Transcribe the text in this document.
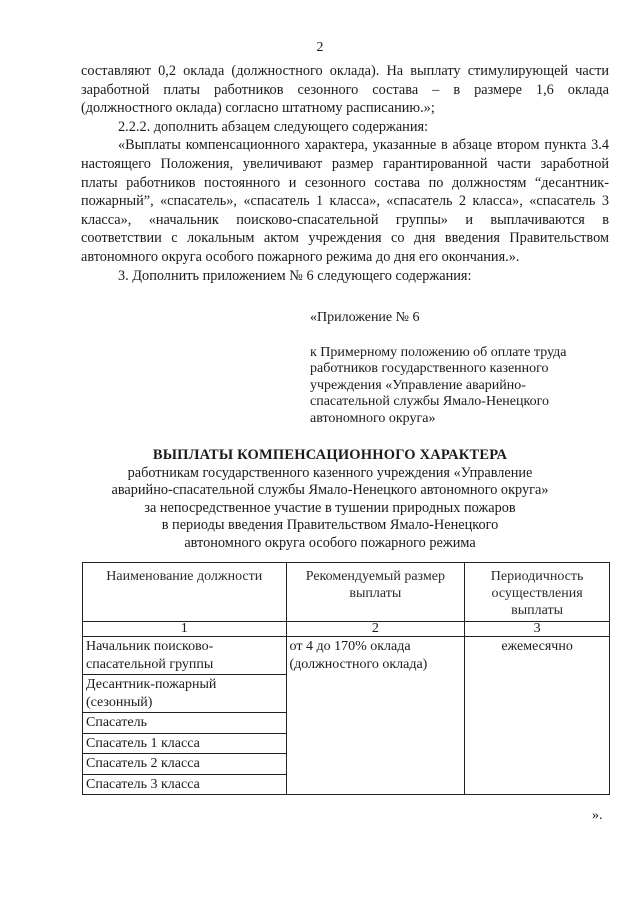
2

составляют 0,2 оклада (должностного оклада). На выплату стимулирующей части заработной платы работников сезонного состава – в размере 1,6 оклада (должностного оклада) согласно штатному расписанию.»;

2.2.2. дополнить абзацем следующего содержания:

«Выплаты компенсационного характера, указанные в абзаце втором пункта 3.4 настоящего Положения, увеличивают размер гарантированной части заработной платы работников постоянного и сезонного состава по должностям “десантник-пожарный”, «спасатель», «спасатель 1 класса», «спасатель 2 класса», «спасатель 3 класса», «начальник поисково-спасательной группы» и выплачиваются в соответствии с локальным актом учреждения со дня введения Правительством автономного округа особого пожарного режима до дня его окончания.».

3. Дополнить приложением № 6 следующего содержания:

«Приложение № 6

к Примерному положению об оплате труда работников государственного казенного учреждения «Управление аварийно-спасательной службы Ямало-Ненецкого автономного округа»

ВЫПЛАТЫ КОМПЕНСАЦИОННОГО ХАРАКТЕРА
работникам государственного казенного учреждения «Управление
аварийно-спасательной службы Ямало-Ненецкого автономного округа»
за непосредственное участие в тушении природных пожаров
в периоды введения Правительством Ямало-Ненецкого
автономного округа особого пожарного режима
Наименование должности	Рекомендуемый размер выплаты	Периодичность осуществления выплаты
1	2	3
Начальник поисково-спасательной группы	от 4 до 170% оклада (должностного оклада)	ежемесячно
Десантник-пожарный (сезонный)		
Спасатель		
Спасатель 1 класса		
Спасатель 2 класса		
Спасатель 3 класса		
».
